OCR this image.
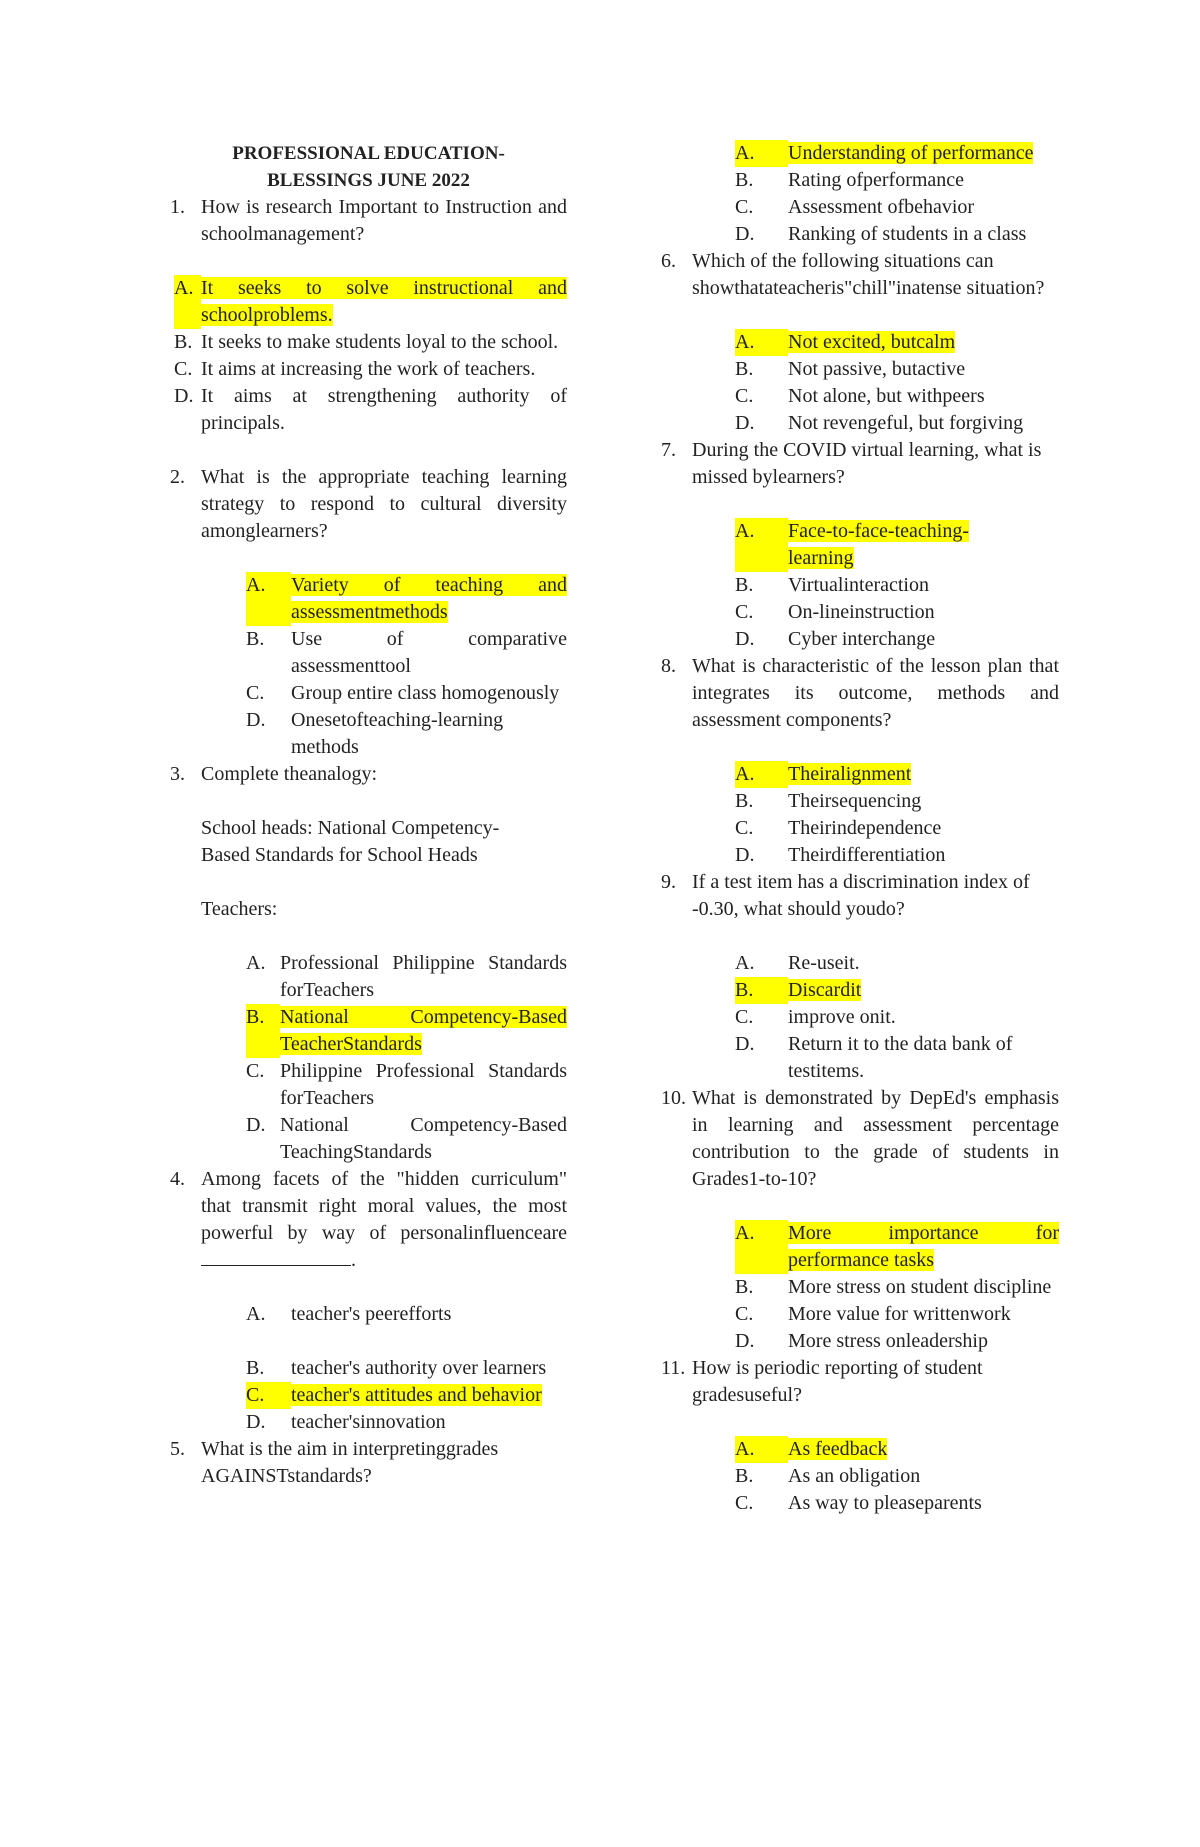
PROFESSIONAL EDUCATION-
BLESSINGS JUNE 2022
1. How is research Important to Instruction and schoolmanagement?
A. It seeks to solve instructional and schoolproblems.
B. It seeks to make students loyal to the school.
C. It aims at increasing the work of teachers.
D. It aims at strengthening authority of principals.
2. What is the appropriate teaching learning strategy to respond to cultural diversity amonglearners?
A.	Variety of teaching and assessmentmethods
B.	Use of comparative assessmenttool
C.	Group entire class homogenously
D.	Onesetofteaching-learning methods
3. Complete theanalogy:
School heads: National Competency-Based Standards for School Heads
Teachers:
A. Professional Philippine Standards forTeachers
B. National Competency-Based TeacherStandards
C. Philippine Professional Standards forTeachers
D. National Competency-Based TeachingStandards
4. Among facets of the "hidden curriculum" that transmit right moral values, the most powerful by way of personalinfluenceare.
A.	teacher's peerefforts
B.	teacher's authority over learners
C.	teacher's attitudes and behavior
D.	teacher'sinnovation
5. What is the aim in interpretinggrades AGAINSTstandards?
A.	Understanding of performance
B.	Rating ofperformance
C.	Assessment ofbehavior
D.	Ranking of students in a class
6. Which of the following situations can showthatateacheris"chill"inatense situation?
A.	Not excited, butcalm
B.	Not passive, butactive
C.	Not alone, but withpeers
D.	Not revengeful, but forgiving
7. During the COVID virtual learning, what is missed bylearners?
A.	Face-to-face-teaching-learning
B.	Virtualinteraction
C.	On-lineinstruction
D.	Cyber interchange
8. What is characteristic of the lesson plan that integrates its outcome, methods and assessment components?
A.	Theiralignment
B.	Theirsequencing
C.	Theirindependence
D.	Theirdifferentiation
9. If a test item has a discrimination index of -0.30, what should youdo?
A.	Re-useit.
B.	Discardit
C.	improve onit.
D.	Return it to the data bank of testitems.
10. What is demonstrated by DepEd's emphasis in learning and assessment percentage contribution to the grade of students in Grades1-to-10?
A.	More importance for performance tasks
B.	More stress on student discipline
C.	More value for writtenwork
D.	More stress onleadership
11. How is periodic reporting of student gradesuseful?
A.	As feedback
B.	As an obligation
C.	As way to pleaseparents
